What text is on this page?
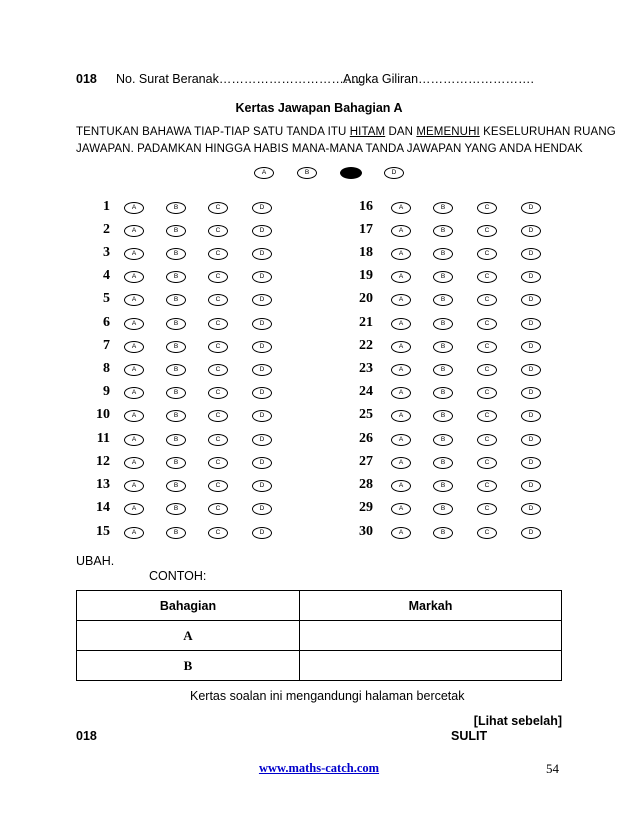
018 No. Surat Beranak……………………………..
Angka Giliran……………………….
Kertas Jawapan Bahagian A
TENTUKAN BAHAWA TIAP-TIAP SATU TANDA ITU HITAM DAN MEMENUHI KESELURUHAN RUANG
JAWAPAN. PADAMKAN HINGGA HABIS MANA-MANA TANDA JAWAPAN YANG ANDA HENDAK
A	B	D
1	A	B	C	D
2	A	B	C	D
3	A	B	C	D
4	A	B	C	D
5	A	B	C	D
6	A	B	C	D
7	A	B	C	D
8	A	B	C	D
9	A	B	C	D
10	A	B	C	D
11	A	B	C	D
12	A	B	C	D
13	A	B	C	D
14	A	B	C	D
15	A	B	C	D
16	A	B	C	D
17	A	B	C	D
18	A	B	C	D
19	A	B	C	D
20	A	B	C	D
21	A	B	C	D
22	A	B	C	D
23	A	B	C	D
24	A	B	C	D
25	A	B	C	D
26	A	B	C	D
27	A	B	C	D
28	A	B	C	D
29	A	B	C	D
30	A	B	C	D
UBAH.
CONTOH:
Bahagian	Markah
A	
B	
Kertas soalan ini mengandungi halaman bercetak
[Lihat sebelah]
018	SULIT
www.maths-catch.com	54
